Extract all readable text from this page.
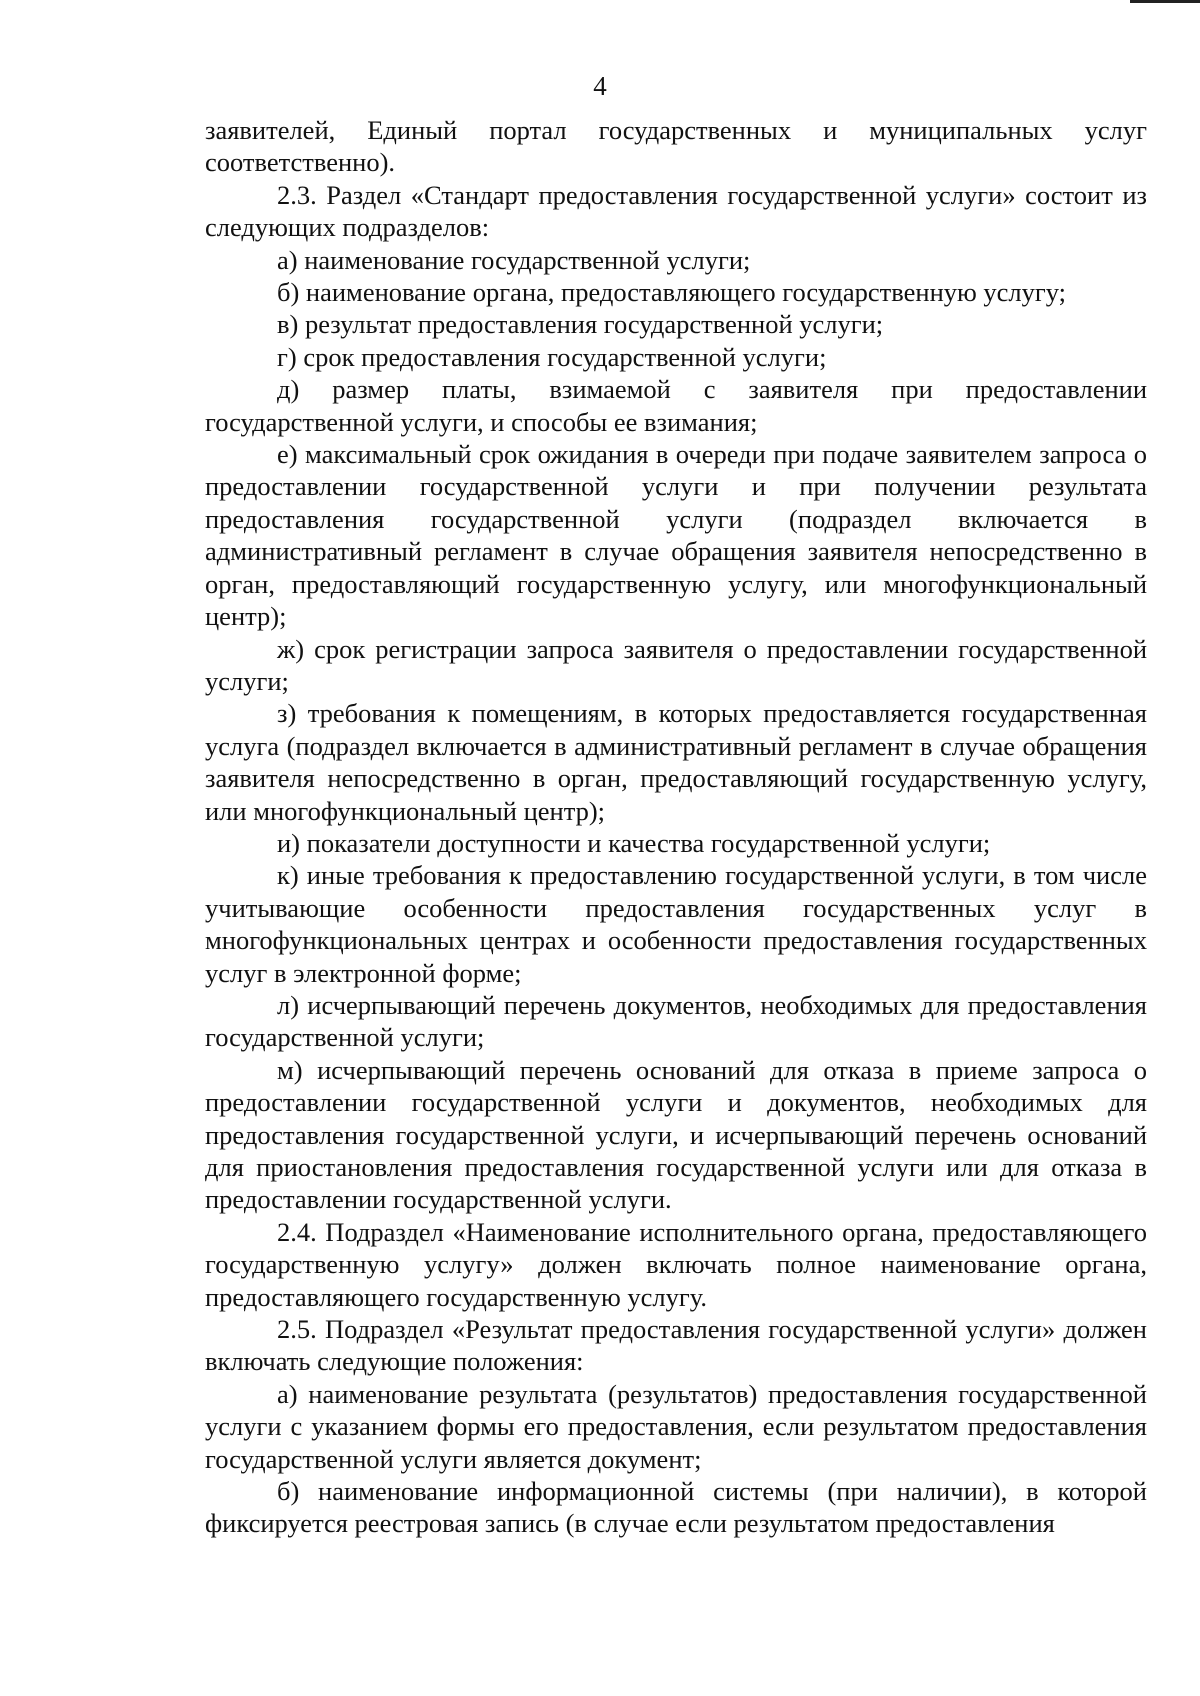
4

заявителей, Единый портал государственных и муниципальных услуг соответственно).

2.3. Раздел «Стандарт предоставления государственной услуги» состоит из следующих подразделов:

а) наименование государственной услуги;

б) наименование органа, предоставляющего государственную услугу;

в) результат предоставления государственной услуги;

г) срок предоставления государственной услуги;

д) размер платы, взимаемой с заявителя при предоставлении государственной услуги, и способы ее взимания;

е) максимальный срок ожидания в очереди при подаче заявителем запроса о предоставлении государственной услуги и при получении результата предоставления государственной услуги (подраздел включается в административный регламент в случае обращения заявителя непосредственно в орган, предоставляющий государственную услугу, или многофункциональный центр);

ж) срок регистрации запроса заявителя о предоставлении государственной услуги;

з) требования к помещениям, в которых предоставляется государственная услуга (подраздел включается в административный регламент в случае обращения заявителя непосредственно в орган, предоставляющий государственную услугу, или многофункциональный центр);

и) показатели доступности и качества государственной услуги;

к) иные требования к предоставлению государственной услуги, в том числе учитывающие особенности предоставления государственных услуг в многофункциональных центрах и особенности предоставления государственных услуг в электронной форме;

л) исчерпывающий перечень документов, необходимых для предоставления государственной услуги;

м) исчерпывающий перечень оснований для отказа в приеме запроса о предоставлении государственной услуги и документов, необходимых для предоставления государственной услуги, и исчерпывающий перечень оснований для приостановления предоставления государственной услуги или для отказа в предоставлении государственной услуги.

2.4. Подраздел «Наименование исполнительного органа, предоставляющего государственную услугу» должен включать полное наименование органа, предоставляющего государственную услугу.

2.5. Подраздел «Результат предоставления государственной услуги» должен включать следующие положения:

а) наименование результата (результатов) предоставления государственной услуги с указанием формы его предоставления, если результатом предоставления государственной услуги является документ;

б) наименование информационной системы (при наличии), в которой фиксируется реестровая запись (в случае если результатом предоставления
